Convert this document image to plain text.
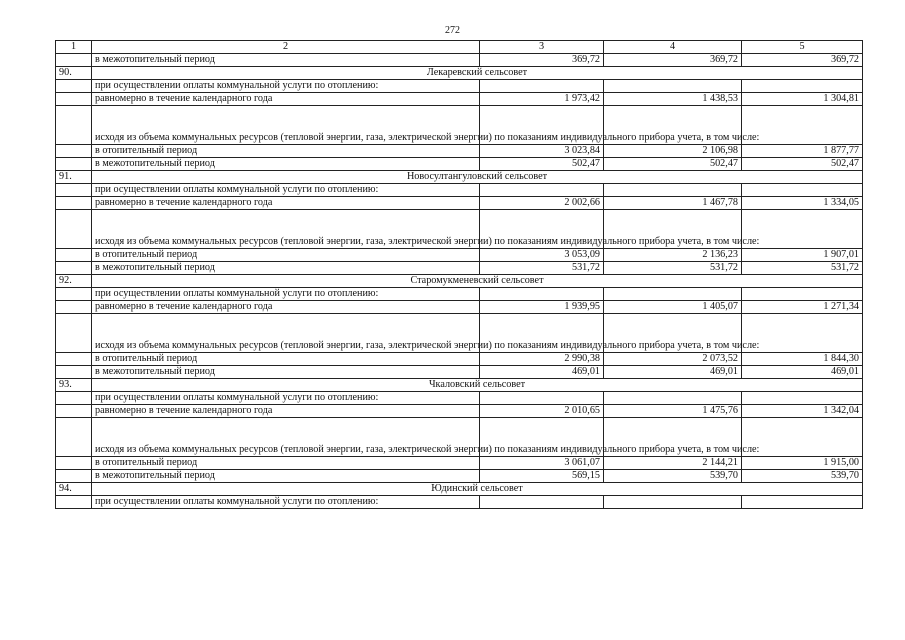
272
1	2	3	4	5
	в межотопительный период	369,72	369,72	369,72
90.	Лекаревский сельсовет			
	при осуществлении оплаты коммунальной услуги по отоплению:			
	равномерно в течение календарного года	1 973,42	1 438,53	1 304,81
	исходя из объема коммунальных ресурсов (тепловой энергии, газа, электрической энергии) по показаниям индивидуального прибора учета, в том числе:			
	в отопительный период	3 023,84	2 106,98	1 877,77
	в межотопительный период	502,47	502,47	502,47
91.	Новосултангуловский сельсовет			
	при осуществлении оплаты коммунальной услуги по отоплению:			
	равномерно в течение календарного года	2 002,66	1 467,78	1 334,05
	исходя из объема коммунальных ресурсов (тепловой энергии, газа, электрической энергии) по показаниям индивидуального прибора учета, в том числе:			
	в отопительный период	3 053,09	2 136,23	1 907,01
	в межотопительный период	531,72	531,72	531,72
92.	Старомукменевский сельсовет			
	при осуществлении оплаты коммунальной услуги по отоплению:			
	равномерно в течение календарного года	1 939,95	1 405,07	1 271,34
	исходя из объема коммунальных ресурсов (тепловой энергии, газа, электрической энергии) по показаниям индивидуального прибора учета, в том числе:			
	в отопительный период	2 990,38	2 073,52	1 844,30
	в межотопительный период	469,01	469,01	469,01
93.	Чкаловский сельсовет			
	при осуществлении оплаты коммунальной услуги по отоплению:			
	равномерно в течение календарного года	2 010,65	1 475,76	1 342,04
	исходя из объема коммунальных ресурсов (тепловой энергии, газа, электрической энергии) по показаниям индивидуального прибора учета, в том числе:			
	в отопительный период	3 061,07	2 144,21	1 915,00
	в межотопительный период	569,15	539,70	539,70
94.	Юдинский сельсовет			
	при осуществлении оплаты коммунальной услуги по отоплению:			
